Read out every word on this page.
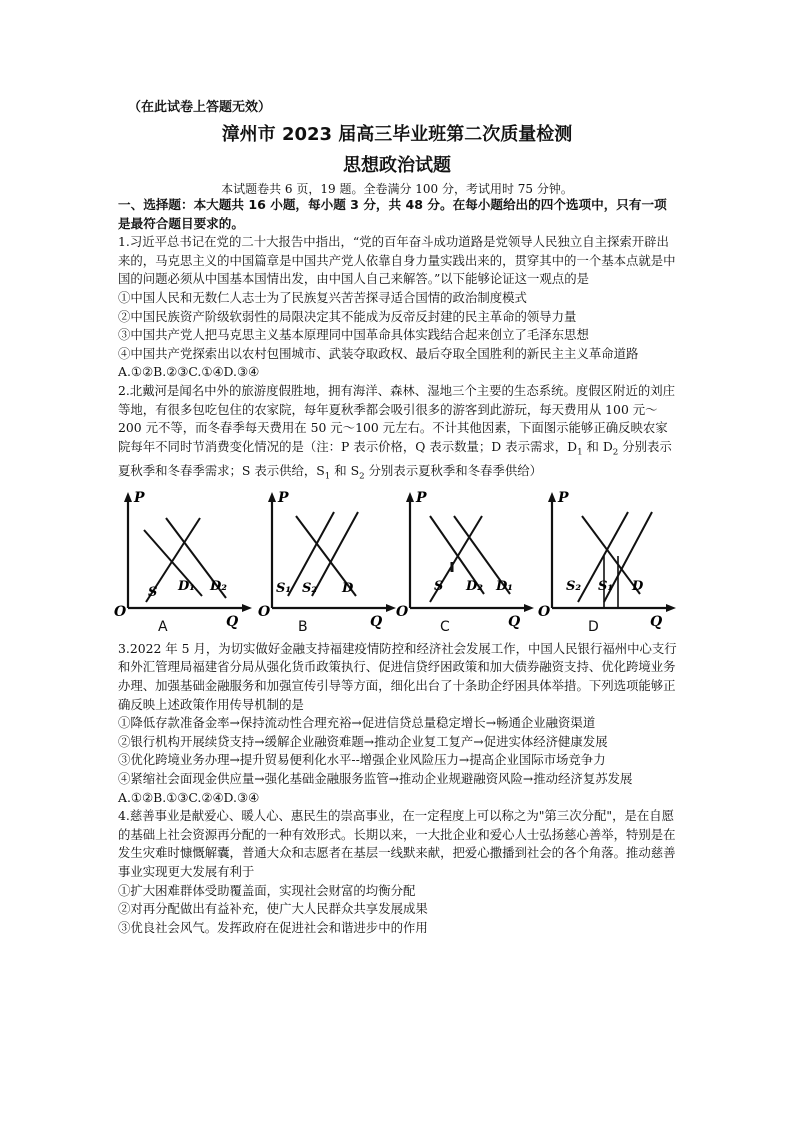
（在此试卷上答题无效）
漳州市 2023 届高三毕业班第二次质量检测
思想政治试题
本试题卷共 6 页，19 题。全卷满分 100 分，考试用时 75 分钟。

一、选择题：本大题共 16 小题，每小题 3 分，共 48 分。在每小题给出的四个选项中，只有一项是最符合题目要求的。

1.习近平总书记在党的二十大报告中指出，“党的百年奋斗成功道路是党领导人民独立自主探索开辟出来的，马克思主义的中国篇章是中国共产党人依靠自身力量实践出来的，贯穿其中的一个基本点就是中国的问题必须从中国基本国情出发，由中国人自己来解答。”以下能够论证这一观点的是

①中国人民和无数仁人志士为了民族复兴苦苦探寻适合国情的政治制度模式

②中国民族资产阶级软弱性的局限决定其不能成为反帝反封建的民主革命的领导力量

③中国共产党人把马克思主义基本原理同中国革命具体实践结合起来创立了毛泽东思想

④中国共产党探索出以农村包围城市、武装夺取政权、最后夺取全国胜利的新民主主义革命道路

A.①②B.②③C.①④D.③④

2.北戴河是闻名中外的旅游度假胜地，拥有海洋、森林、湿地三个主要的生态系统。度假区附近的刘庄等地，有很多包吃包住的农家院，每年夏秋季都会吸引很多的游客到此游玩，每天费用从 100 元～200 元不等，而冬春季每天费用在 50 元～100 元左右。不计其他因素，下面图示能够正确反映农家院每年不同时节消费变化情况的是（注：P 表示价格，Q 表示数量；D 表示需求，$D_1$ 和 $D_2$ 分别表示夏秋季和冬春季需求；S 表示供给，$S_1$ 和 $S_2$ 分别表示夏秋季和冬春季供给）

P
O
Q
S D₁ D₂
A
P
O
Q
S₁ S₂ D
B
P
O
Q
S D₂ D₁
C
P
O
Q
S₂ S₁ D
D

3.2022 年 5 月，为切实做好金融支持福建疫情防控和经济社会发展工作，中国人民银行福州中心支行和外汇管理局福建省分局从强化货币政策执行、促进信贷纾困政策和加大债券融资支持、优化跨境业务办理、加强基础金融服务和加强宣传引导等方面，细化出台了十条助企纾困具体举措。下列选项能够正确反映上述政策作用传导机制的是

①降低存款准备金率→保持流动性合理充裕→促进信贷总量稳定增长→畅通企业融资渠道

②银行机构开展续贷支持→缓解企业融资难题→推动企业复工复产→促进实体经济健康发展

③优化跨境业务办理→提升贸易便利化水平--增强企业风险压力→提高企业国际市场竞争力

④紧缩社会面现金供应量→强化基础金融服务监管→推动企业规避融资风险→推动经济复苏发展

A.①②B.①③C.②④D.③④

4.慈善事业是献爱心、暖人心、惠民生的崇高事业，在一定程度上可以称之为"第三次分配"，是在自愿的基础上社会资源再分配的一种有效形式。长期以来，一大批企业和爱心人士弘扬慈心善举，特别是在发生灾难时慷慨解囊，普通大众和志愿者在基层一线默来献，把爱心撒播到社会的各个角落。推动慈善事业实现更大发展有利于

①扩大困难群体受助覆盖面，实现社会财富的均衡分配

②对再分配做出有益补充，使广大人民群众共享发展成果

③优良社会风气。发挥政府在促进社会和谐进步中的作用
